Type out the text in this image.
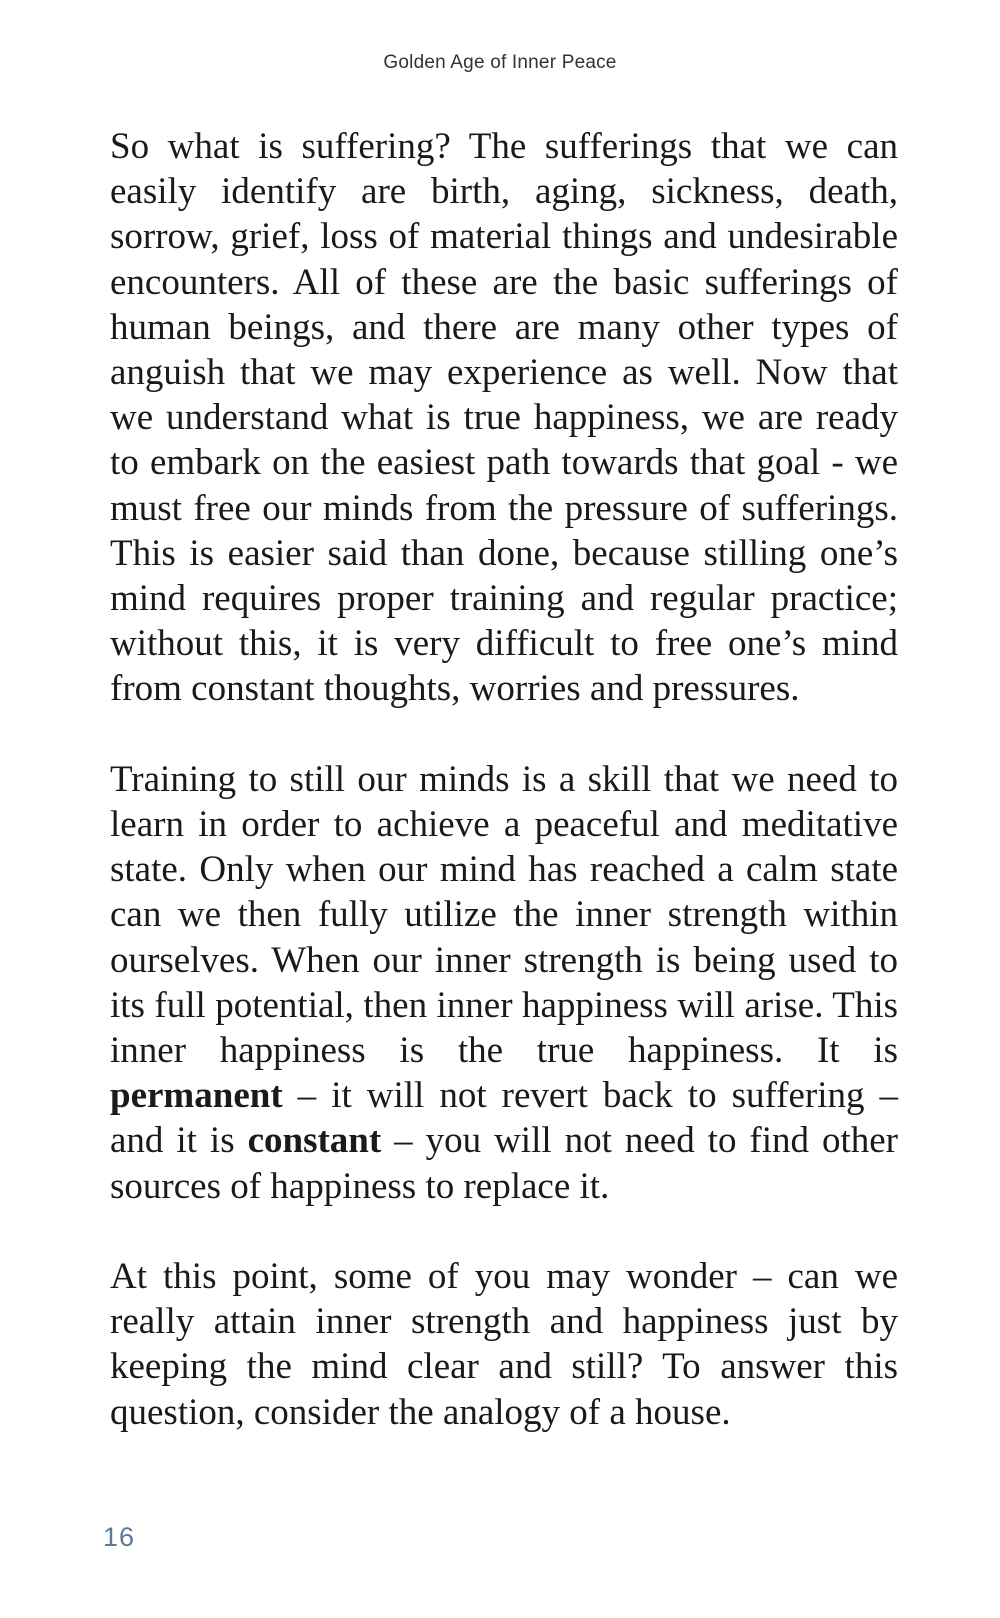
Golden Age of Inner Peace

So what is suffering? The sufferings that we can easily identify are birth, aging, sickness, death, sorrow, grief, loss of material things and undesirable encounters. All of these are the basic sufferings of human beings, and there are many other types of anguish that we may experience as well. Now that we understand what is true happiness, we are ready to embark on the easiest path towards that goal - we must free our minds from the pressure of sufferings. This is easier said than done, because stilling one’s mind requires proper training and regular practice; without this, it is very difficult to free one’s mind from constant thoughts, worries and pressures.

Training to still our minds is a skill that we need to learn in order to achieve a peaceful and meditative state. Only when our mind has reached a calm state can we then fully utilize the inner strength within ourselves. When our inner strength is being used to its full potential, then inner happiness will arise. This inner happiness is the true happiness. It is permanent – it will not revert back to suffering – and it is constant – you will not need to find other sources of happiness to replace it.

At this point, some of you may wonder – can we really attain inner strength and happiness just by keeping the mind clear and still? To answer this question, consider the analogy of a house.

16
